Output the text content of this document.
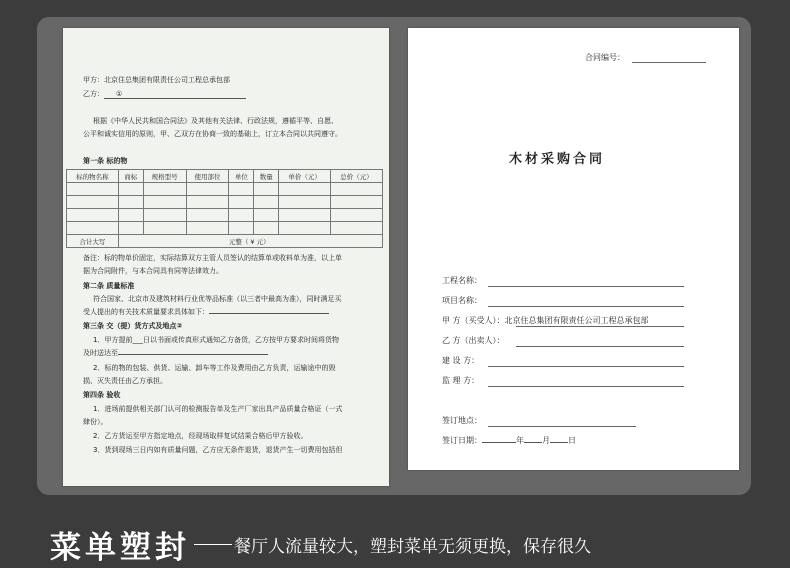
甲方：北京住总集团有限责任公司工程总承包部
乙方： ①
根据《中华人民共和国合同法》及其他有关法律、行政法规，遵循平等、自愿、
公平和诚实信用的原则，甲、乙双方在协商一致的基础上，订立本合同以共同遵守。
第一条 标的物
标的物名称	商标	规格型号	使用部位	单位	数量	单价（元）	总价（元）

合计大写	元整（ ¥ 元）						
备注：标的物单价固定，实际结算双方主管人员签认的结算单或收料单为准，以上单
据为合同附件，与本合同具有同等法律效力。
第二条 质量标准
符合国家、北京市及建筑材料行业优等品标准（以三者中最高为准），同时满足买
受人提出的有关技术质量要求具体如下：
第三条 交（提）货方式及地点②
1．甲方提前___日以书面或传真形式通知乙方备货，乙方按甲方要求时间将货物
及时送达至
2．标的物的包装、供货、运输、卸车等工作及费用由乙方负责，运输途中的毁
损、灭失责任由乙方承担。
第四条 验收
1．进场前提供相关部门认可的检测报告单及生产厂家出具产品质量合格证（一式
肆份）。
2．乙方货运至甲方指定地点，经现场取样复试结果合格后甲方验收。
3．货到现场三日内如有质量问题，乙方应无条件退货，退货产生一切费用包括但
合同编号：
木材采购合同
工程名称：
项目名称：
甲 方（买受人）：北京住总集团有限责任公司工程总承包部
乙 方（出卖人）：
建 设 方：
监 理 方：
签订地点：
签订日期：	年 月 日
菜单塑封	餐厅人流量较大，塑封菜单无须更换，保存很久
